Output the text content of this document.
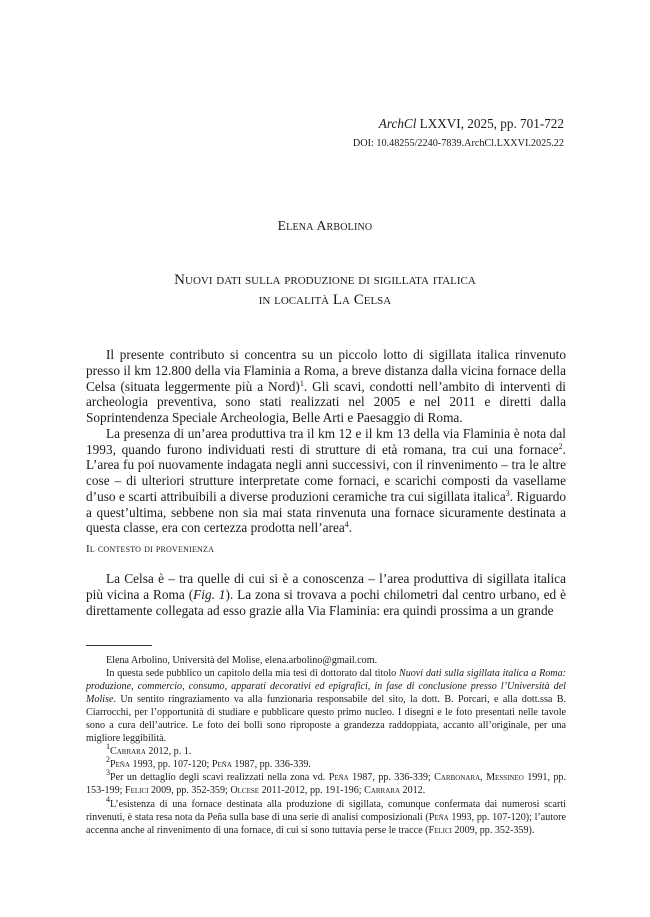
ArchCl LXXVI, 2025, pp. 701-722
DOI: 10.48255/2240-7839.ArchCl.LXXVI.2025.22
Elena Arbolino
Nuovi dati sulla produzione di sigillata italica
in località La Celsa

Il presente contributo si concentra su un piccolo lotto di sigillata italica rinvenuto presso il km 12.800 della via Flaminia a Roma, a breve distanza dalla vicina fornace della Celsa (situata leggermente più a Nord)$^1$. Gli scavi, condotti nell’ambito di interventi di archeologia preventiva, sono stati realizzati nel 2005 e nel 2011 e diretti dalla Soprintendenza Speciale Archeologia, Belle Arti e Paesaggio di Roma.

La presenza di un’area produttiva tra il km 12 e il km 13 della via Flaminia è nota dal 1993, quando furono individuati resti di strutture di età romana, tra cui una fornace$^2$. L’area fu poi nuovamente indagata negli anni successivi, con il rinvenimento – tra le altre cose – di ulteriori strutture interpretate come fornaci, e scarichi composti da vasellame d’uso e scarti attribuibili a diverse produzioni ceramiche tra cui sigillata italica$^3$. Riguardo a quest’ultima, sebbene non sia mai stata rinvenuta una fornace sicuramente destinata a questa classe, era con certezza prodotta nell’area$^4$.

Il contesto di provenienza

La Celsa è – tra quelle di cui si è a conoscenza – l’area produttiva di sigillata italica più vicina a Roma (Fig. 1). La zona si trovava a pochi chilometri dal centro urbano, ed è direttamente collegata ad esso grazie alla Via Flaminia: era quindi prossima a un grande

Elena Arbolino, Università del Molise, elena.arbolino@gmail.com.

In questa sede pubblico un capitolo della mia tesi di dottorato dal titolo Nuovi dati sulla sigillata italica a Roma: produzione, commercio, consumo, apparati decorativi ed epigrafici, in fase di conclusione presso l’Università del Molise. Un sentito ringraziamento va alla funzionaria responsabile del sito, la dott. B. Porcari, e alla dott.ssa B. Ciarrocchi, per l’opportunità di studiare e pubblicare questo primo nucleo. I disegni e le foto presentati nelle tavole sono a cura dell’autrice. Le foto dei bolli sono riproposte a grandezza raddoppiata, accanto all’originale, per una migliore leggibilità.

$^1$Carrara 2012, p. 1.

$^2$Peña 1993, pp. 107-120; Peña 1987, pp. 336-339.

$^3$Per un dettaglio degli scavi realizzati nella zona vd. Peña 1987, pp. 336-339; Carbonara, Messineo 1991, pp. 153-199; Felici 2009, pp. 352-359; Olcese 2011-2012, pp. 191-196; Carrara 2012.

$^4$L’esistenza di una fornace destinata alla produzione di sigillata, comunque confermata dai numerosi scarti rinvenuti, è stata resa nota da Peña sulla base di una serie di analisi composizionali (Peña 1993, pp. 107-120); l’autore accenna anche al rinvenimento di una fornace, di cui si sono tuttavia perse le tracce (Felici 2009, pp. 352-359).
